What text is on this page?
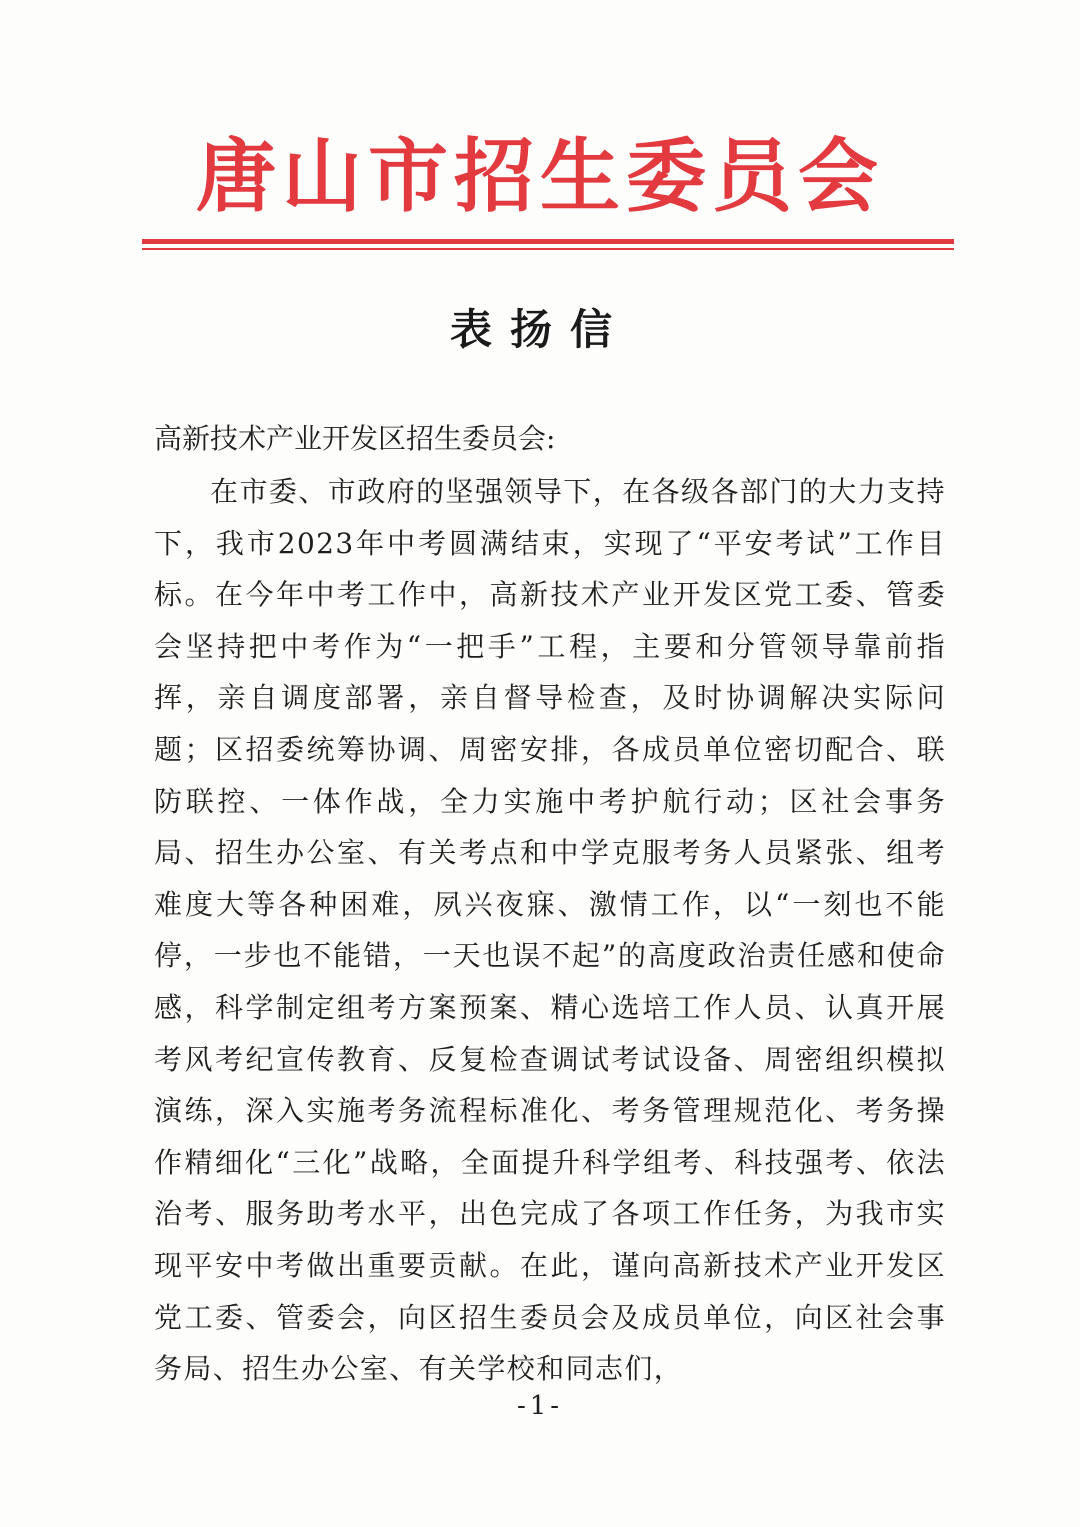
唐山市招生委员会
表扬信
高新技术产业开发区招生委员会:
在市委、市政府的坚强领导下，在各级各部门的大力支持下，我市2023年中考圆满结束，实现了“平安考试”工作目标。在今年中考工作中，高新技术产业开发区党工委、管委会坚持把中考作为“一把手”工程，主要和分管领导靠前指挥，亲自调度部署，亲自督导检查，及时协调解决实际问题；区招委统筹协调、周密安排，各成员单位密切配合、联防联控、一体作战，全力实施中考护航行动；区社会事务局、招生办公室、有关考点和中学克服考务人员紧张、组考难度大等各种困难，夙兴夜寐、激情工作，以“一刻也不能停，一步也不能错，一天也误不起”的高度政治责任感和使命感，科学制定组考方案预案、精心选培工作人员、认真开展考风考纪宣传教育、反复检查调试考试设备、周密组织模拟演练，深入实施考务流程标准化、考务管理规范化、考务操作精细化“三化”战略，全面提升科学组考、科技强考、依法治考、服务助考水平，出色完成了各项工作任务，为我市实现平安中考做出重要贡献。在此，谨向高新技术产业开发区党工委、管委会，向区招生委员会及成员单位，向区社会事务局、招生办公室、有关学校和同志们，
-1-
